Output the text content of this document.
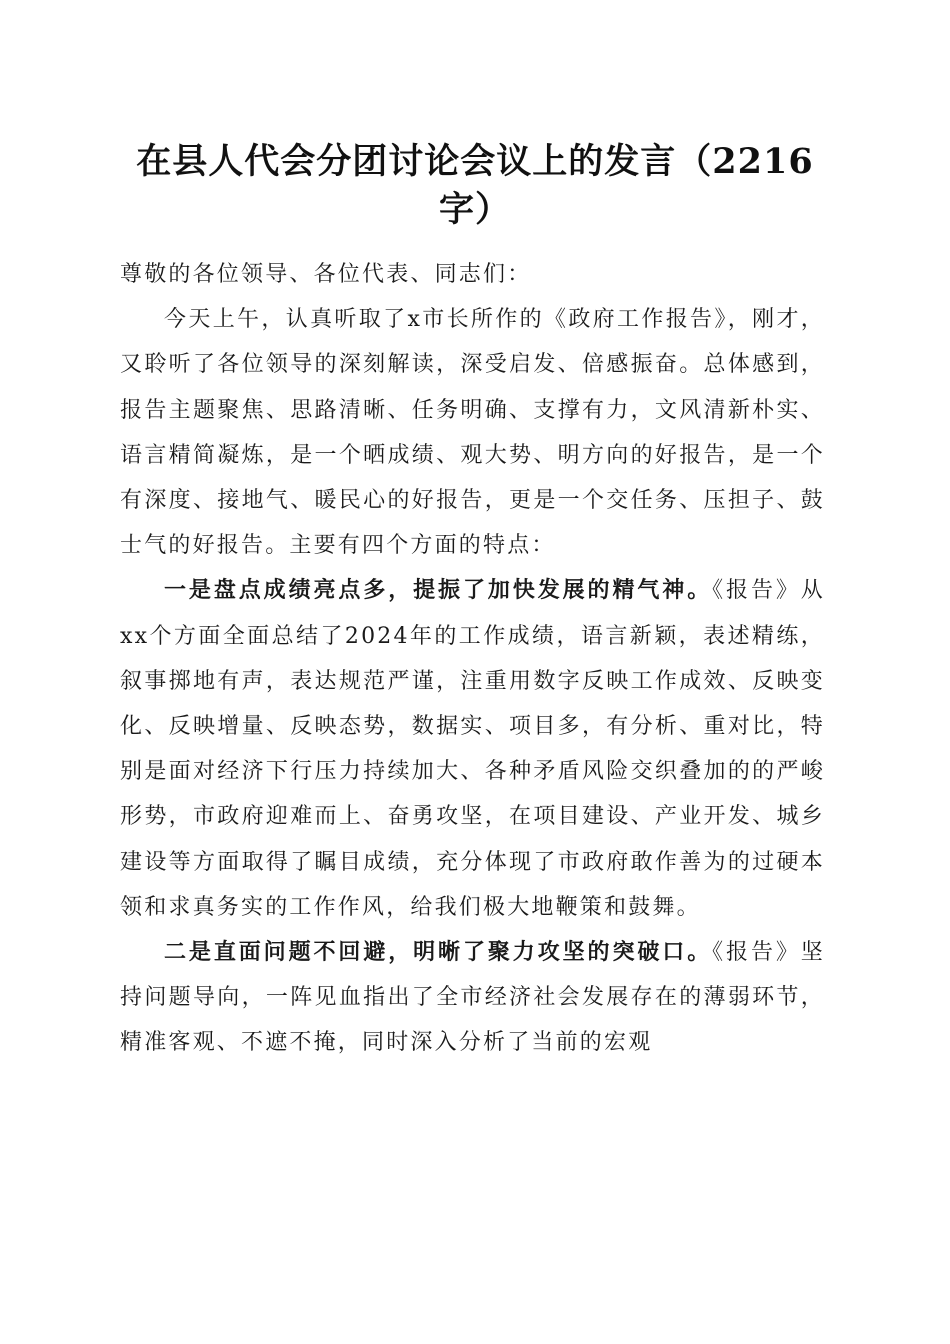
在县人代会分团讨论会议上的发言（2216字）

尊敬的各位领导、各位代表、同志们：

今天上午，认真听取了x市长所作的《政府工作报告》，刚才，又聆听了各位领导的深刻解读，深受启发、倍感振奋。总体感到，报告主题聚焦、思路清晰、任务明确、支撑有力，文风清新朴实、语言精简凝炼，是一个晒成绩、观大势、明方向的好报告，是一个有深度、接地气、暖民心的好报告，更是一个交任务、压担子、鼓士气的好报告。主要有四个方面的特点：

一是盘点成绩亮点多，提振了加快发展的精气神。《报告》从xx个方面全面总结了2024年的工作成绩，语言新颖，表述精练，叙事掷地有声，表达规范严谨，注重用数字反映工作成效、反映变化、反映增量、反映态势，数据实、项目多，有分析、重对比，特别是面对经济下行压力持续加大、各种矛盾风险交织叠加的的严峻形势，市政府迎难而上、奋勇攻坚，在项目建设、产业开发、城乡建设等方面取得了瞩目成绩，充分体现了市政府敢作善为的过硬本领和求真务实的工作作风，给我们极大地鞭策和鼓舞。

二是直面问题不回避，明晰了聚力攻坚的突破口。《报告》坚持问题导向，一阵见血指出了全市经济社会发展存在的薄弱环节，精准客观、不遮不掩，同时深入分析了当前的宏观
